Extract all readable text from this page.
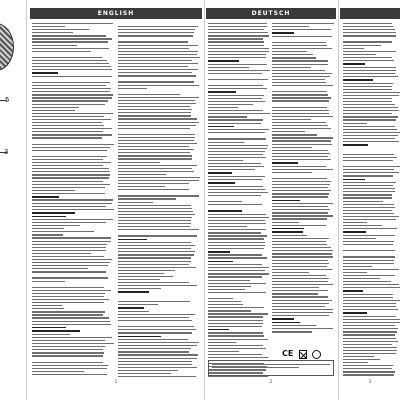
5
3
ENGLISH
1
DEUTSCH
CE
2	3
